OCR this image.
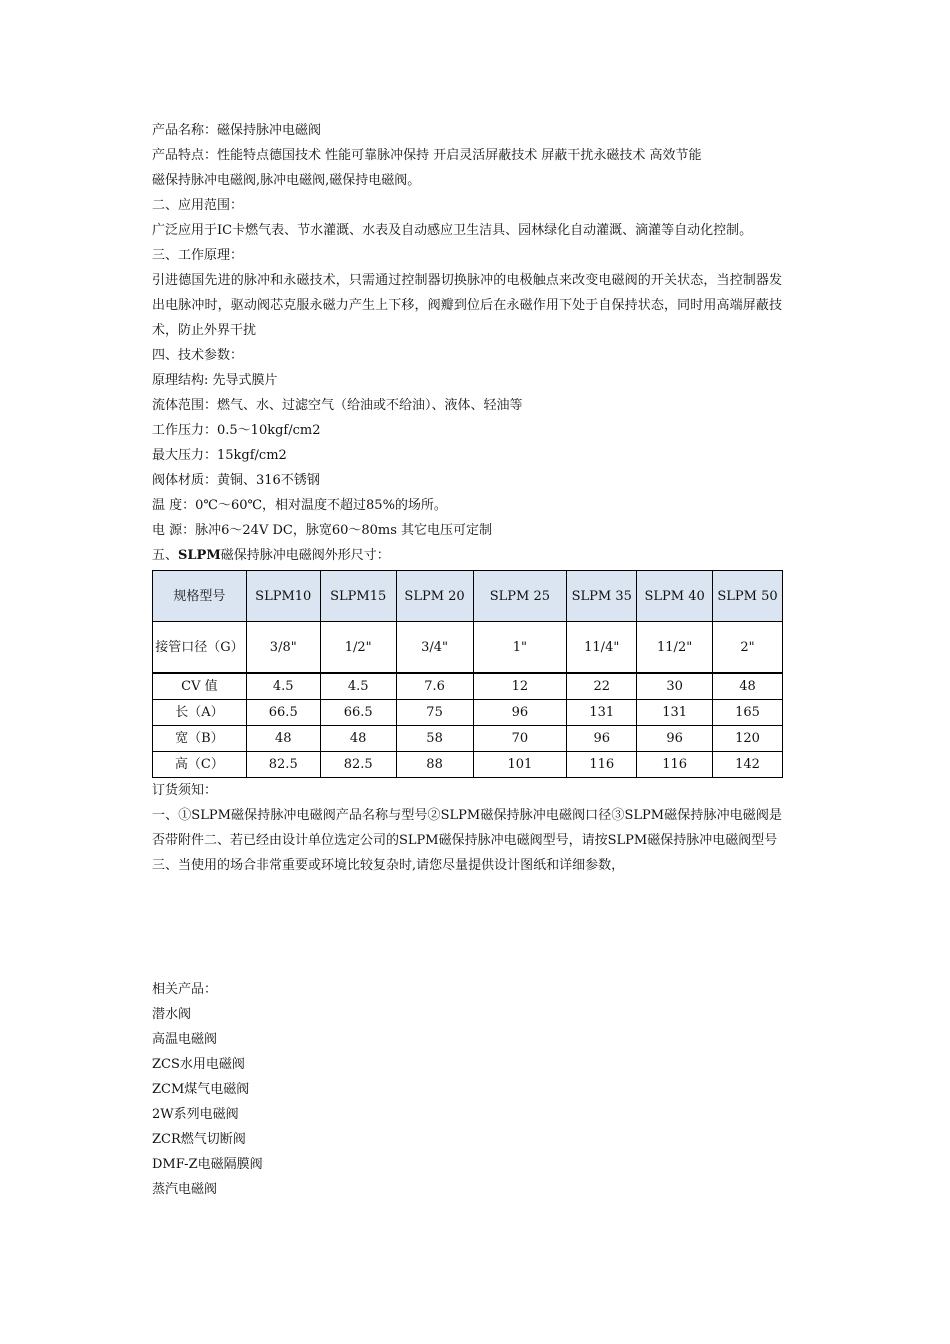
产品名称：磁保持脉冲电磁阀
产品特点：性能特点德国技术 性能可靠脉冲保持 开启灵活屏蔽技术 屏蔽干扰永磁技术 高效节能
磁保持脉冲电磁阀,脉冲电磁阀,磁保持电磁阀。
二、应用范围：
广泛应用于IC卡燃气表、节水灌溉、水表及自动感应卫生洁具、园林绿化自动灌溉、滴灌等自动化控制。
三、工作原理：
引进德国先进的脉冲和永磁技术，只需通过控制器切换脉冲的电极触点来改变电磁阀的开关状态，当控制器发出电脉冲时，驱动阀芯克服永磁力产生上下移，阀瓣到位后在永磁作用下处于自保持状态，同时用高端屏蔽技术，防止外界干扰
四、技术参数：
原理结构: 先导式膜片
流体范围：燃气、水、过滤空气（给油或不给油）、液体、轻油等
工作压力：0.5～10kgf/cm2
最大压力：15kgf/cm2
阀体材质：黄铜、316不锈钢
温 度：0℃～60℃，相对温度不超过85%的场所。
电 源：脉冲6～24V DC，脉宽60～80ms 其它电压可定制
五、SLPM磁保持脉冲电磁阀外形尺寸：
规格型号	SLPM10	SLPM15	SLPM 20	SLPM 25	SLPM 35	SLPM 40	SLPM 50
接管口径（G）	3/8"	1/2"	3/4"	1"	11/4"	11/2"	2"
CV 值	4.5	4.5	7.6	12	22	30	48
长（A）	66.5	66.5	75	96	131	131	165
宽（B）	48	48	58	70	96	96	120
高（C）	82.5	82.5	88	101	116	116	142
订货须知：
一、①SLPM磁保持脉冲电磁阀产品名称与型号②SLPM磁保持脉冲电磁阀口径③SLPM磁保持脉冲电磁阀是否带附件二、若已经由设计单位选定公司的SLPM磁保持脉冲电磁阀型号，请按SLPM磁保持脉冲电磁阀型号
三、当使用的场合非常重要或环境比较复杂时,请您尽量提供设计图纸和详细参数，
相关产品：
潜水阀
高温电磁阀
ZCS水用电磁阀
ZCM煤气电磁阀
2W系列电磁阀
ZCR燃气切断阀
DMF-Z电磁隔膜阀
蒸汽电磁阀
